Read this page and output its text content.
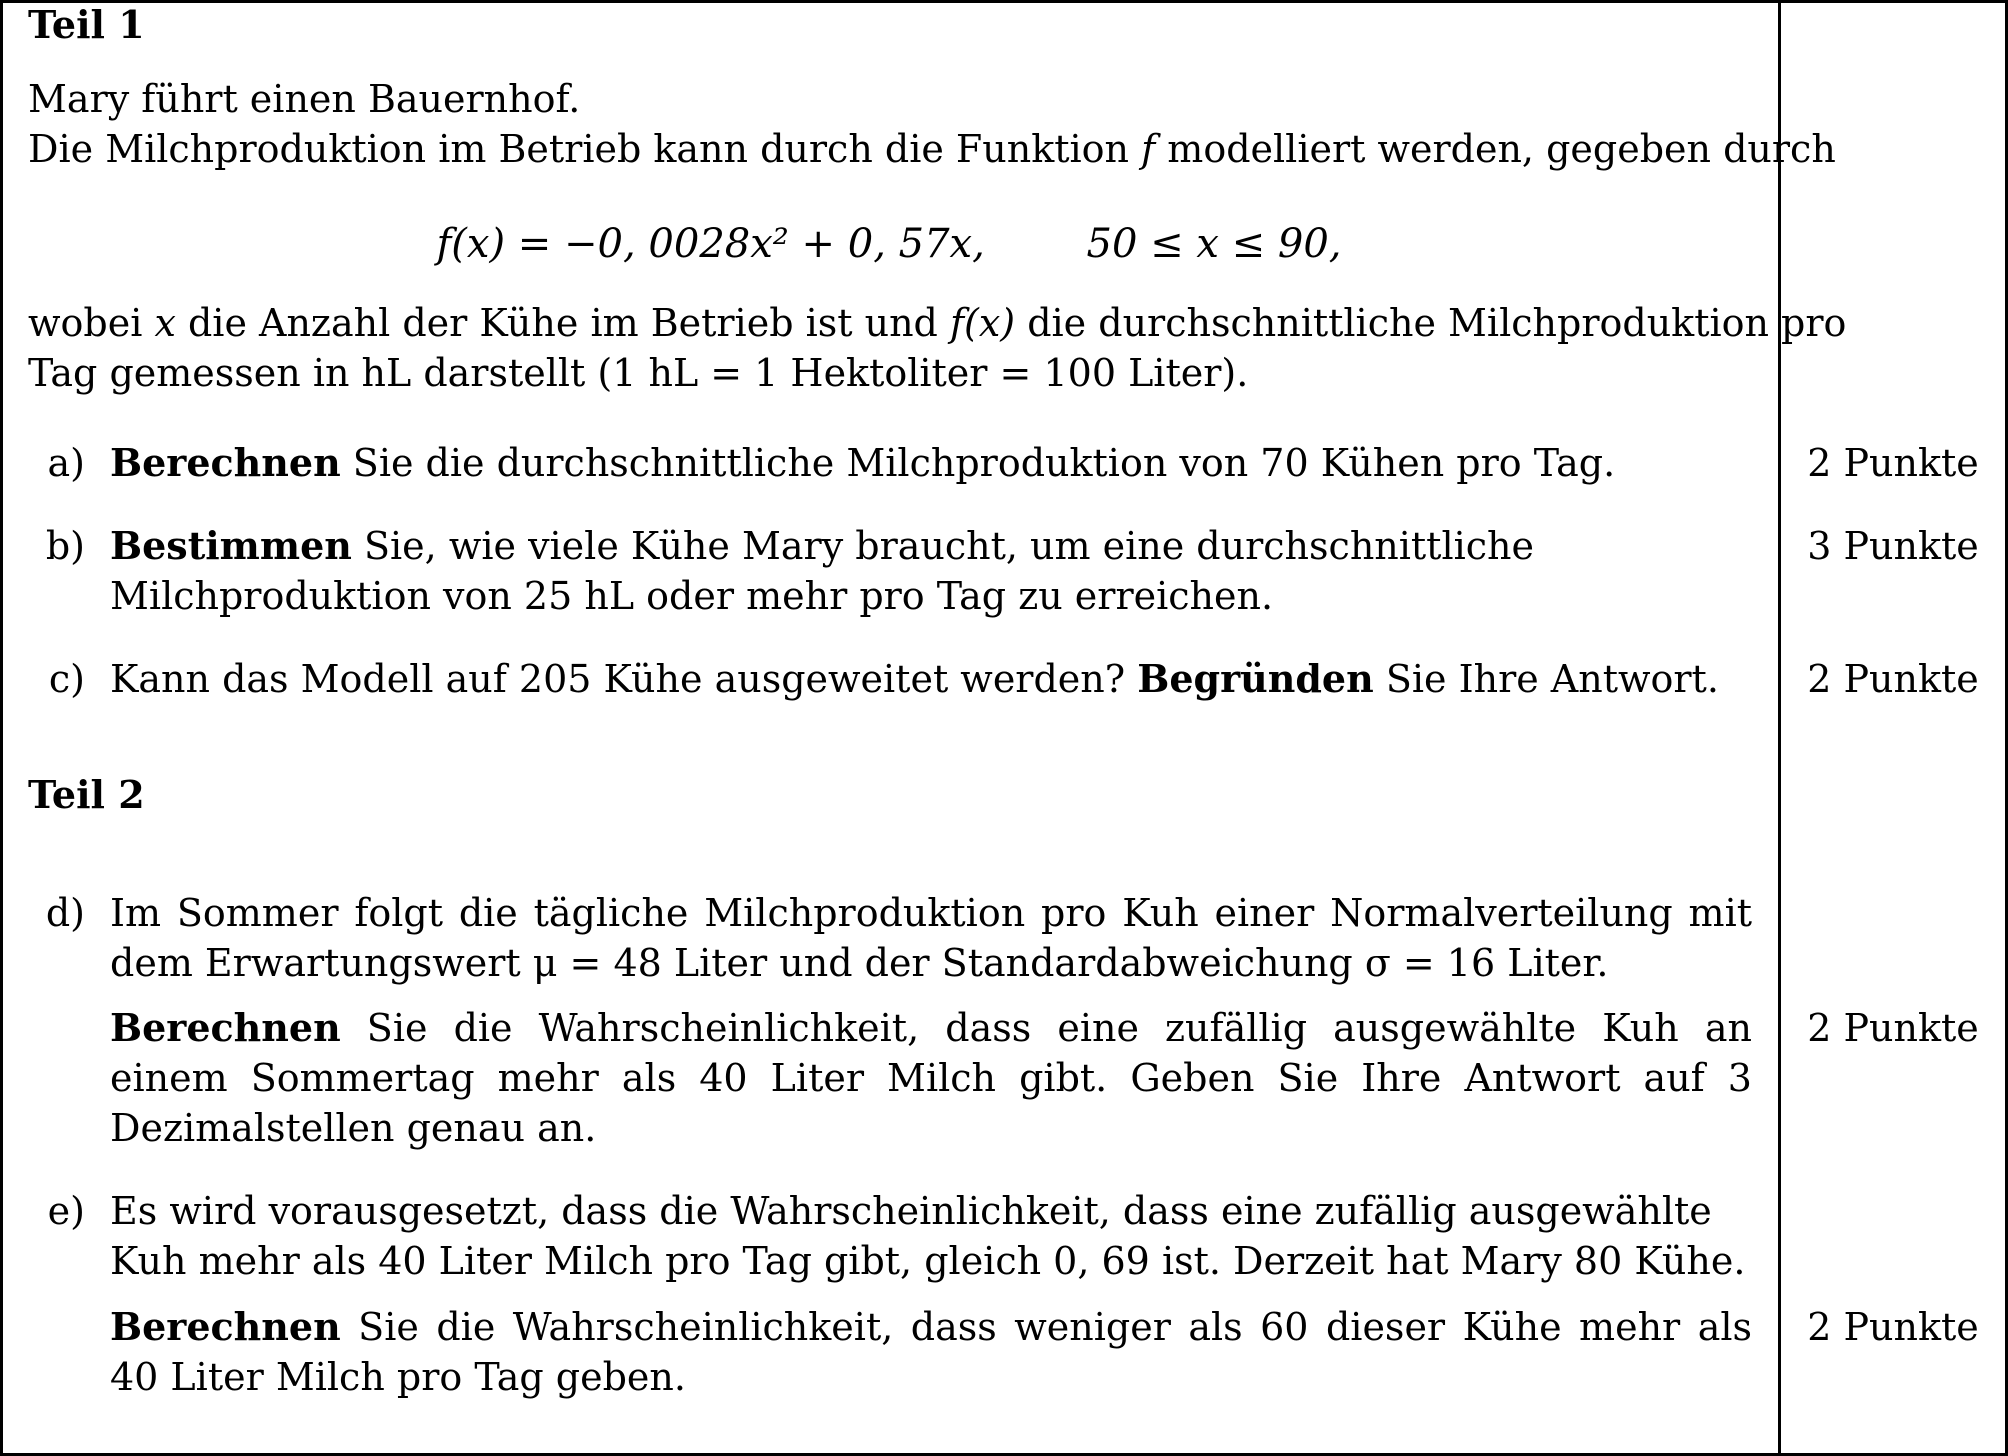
Teil 1
Mary führt einen Bauernhof.
Die Milchproduktion im Betrieb kann durch die Funktion f modelliert werden, gegeben durch
f(x) = −0, 0028x² + 0, 57x,        50 ≤ x ≤ 90,
wobei x die Anzahl der Kühe im Betrieb ist und f(x) die durchschnittliche Milchproduktion pro
Tag gemessen in hL darstellt (1 hL = 1 Hektoliter = 100 Liter).
a) Berechnen Sie die durchschnittliche Milchproduktion von 70 Kühen pro Tag.	2 Punkte
b) Bestimmen Sie, wie viele Kühe Mary braucht, um eine durchschnittliche Milchproduktion von 25 hL oder mehr pro Tag zu erreichen.
3 Punkte
c) Kann das Modell auf 205 Kühe ausgeweitet werden? Begründen Sie Ihre Antwort.	2 Punkte
Teil 2
d) Im Sommer folgt die tägliche Milchproduktion pro Kuh einer Normalverteilung mit dem Erwartungswert μ = 48 Liter und der Standardabweichung σ = 16 Liter.
Berechnen Sie die Wahrscheinlichkeit, dass eine zufällig ausgewählte Kuh an einem Sommertag mehr als 40 Liter Milch gibt. Geben Sie Ihre Antwort auf 3 Dezimalstellen genau an.
2 Punkte
e) Es wird vorausgesetzt, dass die Wahrscheinlichkeit, dass eine zufällig ausgewählte Kuh mehr als 40 Liter Milch pro Tag gibt, gleich 0, 69 ist. Derzeit hat Mary 80 Kühe.
Berechnen Sie die Wahrscheinlichkeit, dass weniger als 60 dieser Kühe mehr als 40 Liter Milch pro Tag geben.
2 Punkte
